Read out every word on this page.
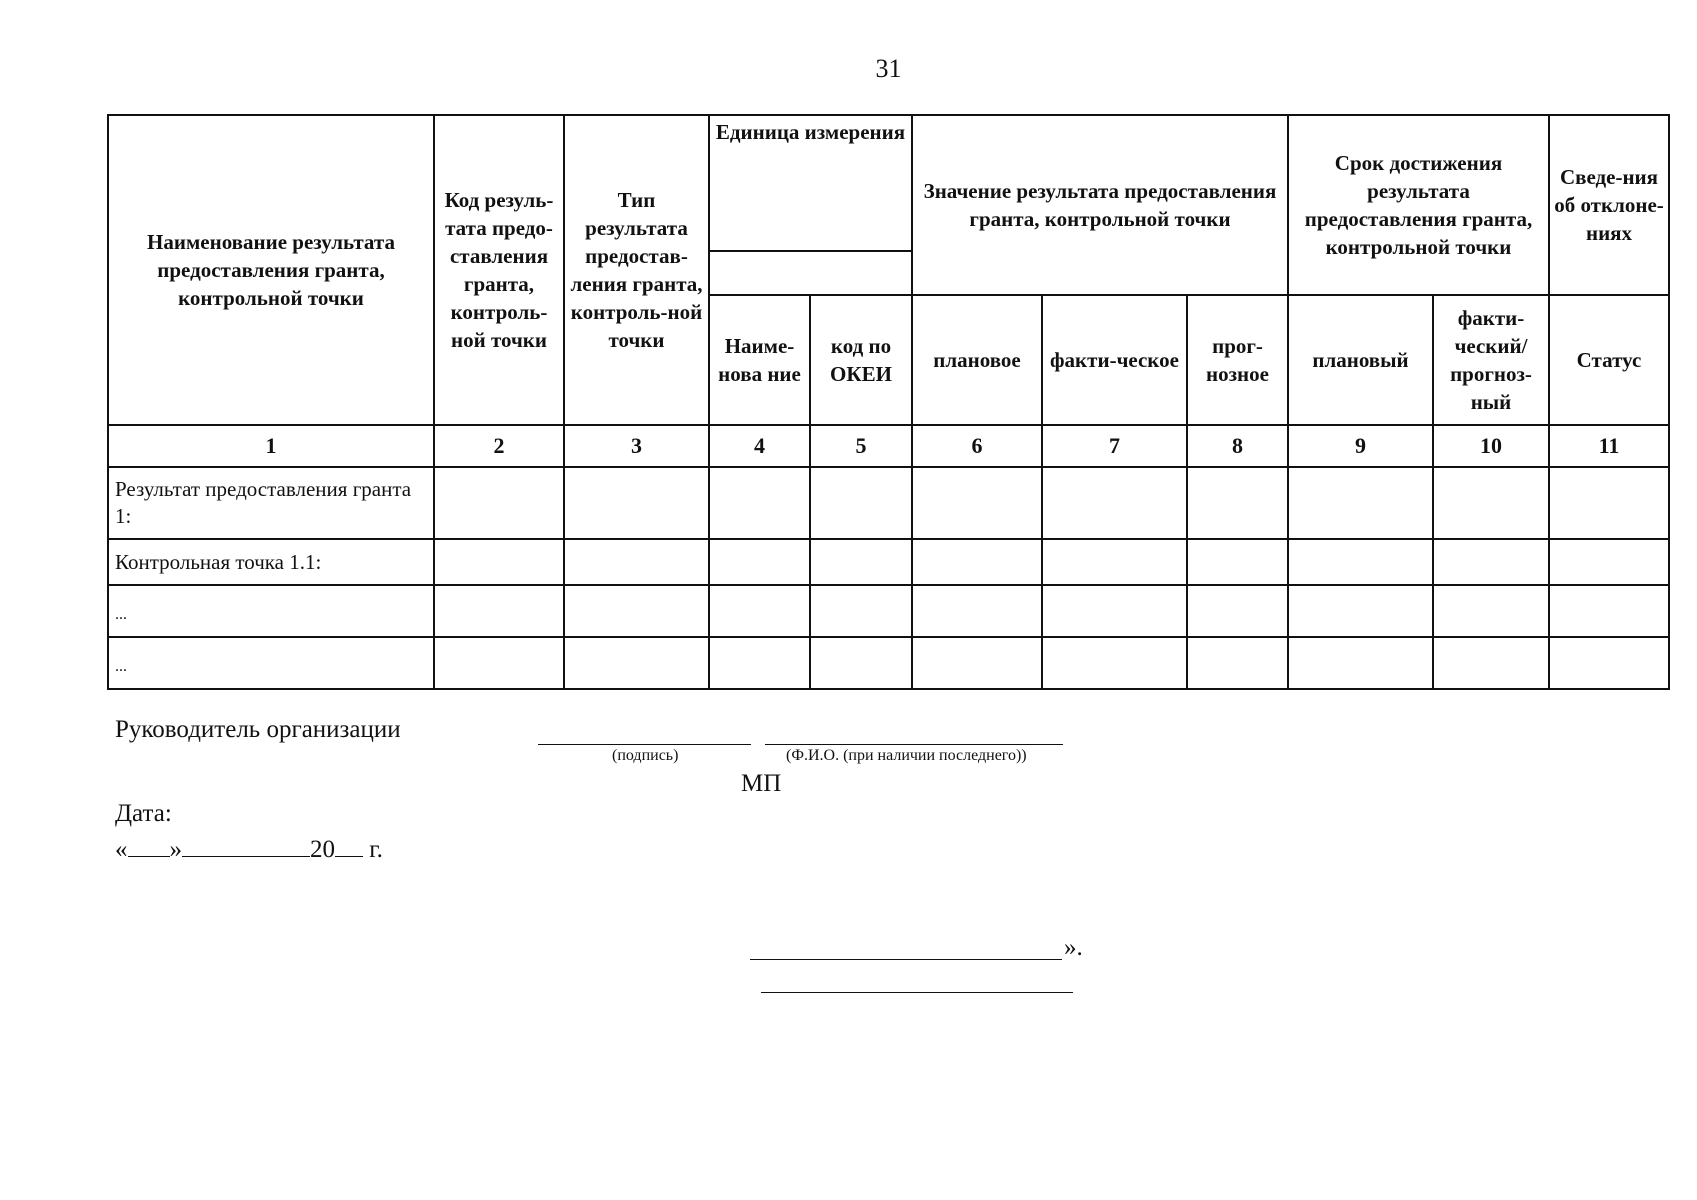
31
Наименование результата предоставления гранта, контрольной точки	Код резуль-тата предо-ставления гранта, контроль-ной точки	Тип результата предостав-ления гранта, контроль-ной точки	Единица измерения		Значение результата предоставления гранта, контрольной точки			Срок достижения результата предоставления гранта, контрольной точки		Сведе-ния об отклоне-ниях

			Наиме-нова ние	код по ОКЕИ	плановое	факти-ческое	прог-нозное	плановый	факти-ческий/ прогноз-ный	Статус
1	2	3	4	5	6	7	8	9	10	11
Результат предоставления гранта 1:										
Контрольная точка 1.1:										
...										
...										
Руководитель организации
(подпись)	(Ф.И.О. (при наличии последнего))
МП
Дата:
« »	20 г.
».
